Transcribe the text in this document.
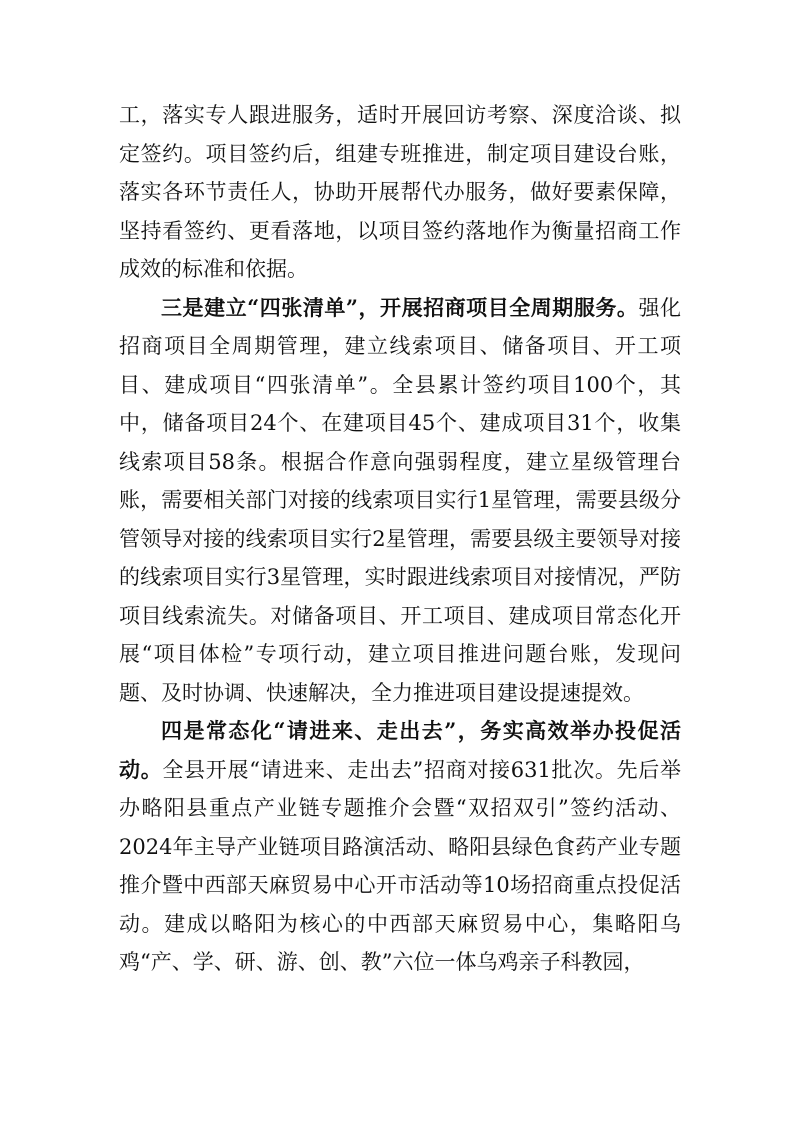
工，落实专人跟进服务，适时开展回访考察、深度洽谈、拟定签约。项目签约后，组建专班推进，制定项目建设台账，落实各环节责任人，协助开展帮代办服务，做好要素保障，坚持看签约、更看落地，以项目签约落地作为衡量招商工作成效的标准和依据。

三是建立“四张清单”，开展招商项目全周期服务。强化招商项目全周期管理，建立线索项目、储备项目、开工项目、建成项目“四张清单”。全县累计签约项目100个，其中，储备项目24个、在建项目45个、建成项目31个，收集线索项目58条。根据合作意向强弱程度，建立星级管理台账，需要相关部门对接的线索项目实行1星管理，需要县级分管领导对接的线索项目实行2星管理，需要县级主要领导对接的线索项目实行3星管理，实时跟进线索项目对接情况，严防项目线索流失。对储备项目、开工项目、建成项目常态化开展“项目体检”专项行动，建立项目推进问题台账，发现问题、及时协调、快速解决，全力推进项目建设提速提效。

四是常态化“请进来、走出去”，务实高效举办投促活动。全县开展“请进来、走出去”招商对接631批次。先后举办略阳县重点产业链专题推介会暨“双招双引”签约活动、2024年主导产业链项目路演活动、略阳县绿色食药产业专题推介暨中西部天麻贸易中心开市活动等10场招商重点投促活动。建成以略阳为核心的中西部天麻贸易中心，集略阳乌鸡“产、学、研、游、创、教”六位一体乌鸡亲子科教园，
